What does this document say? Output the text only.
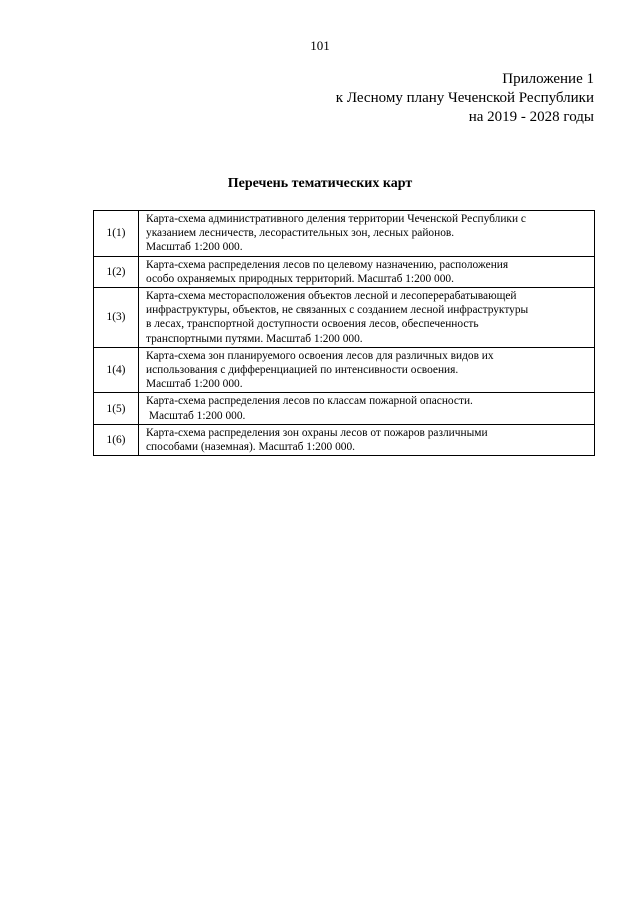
101
Приложение 1
к Лесному плану Чеченской Республики
на 2019 - 2028 годы
Перечень тематических карт
1(1)	Карта-схема административного деления территории Чеченской Республики с
указанием лесничеств, лесорастительных зон, лесных районов.
Масштаб 1:200 000.

1(2)	Карта-схема распределения лесов по целевому назначению, расположения
особо охраняемых природных территорий. Масштаб 1:200 000.

1(3)	Карта-схема месторасположения объектов лесной и лесоперерабатывающей
инфраструктуры, объектов, не связанных с созданием лесной инфраструктуры
в лесах, транспортной доступности освоения лесов, обеспеченность
транспортными путями. Масштаб 1:200 000.

1(4)	Карта-схема зон планируемого освоения лесов для различных видов их
использования с дифференциацией по интенсивности освоения.
Масштаб 1:200 000.

1(5)	Карта-схема распределения лесов по классам пожарной опасности.
Масштаб 1:200 000.

1(6)	Карта-схема распределения зон охраны лесов от пожаров различными
способами (наземная). Масштаб 1:200 000.
